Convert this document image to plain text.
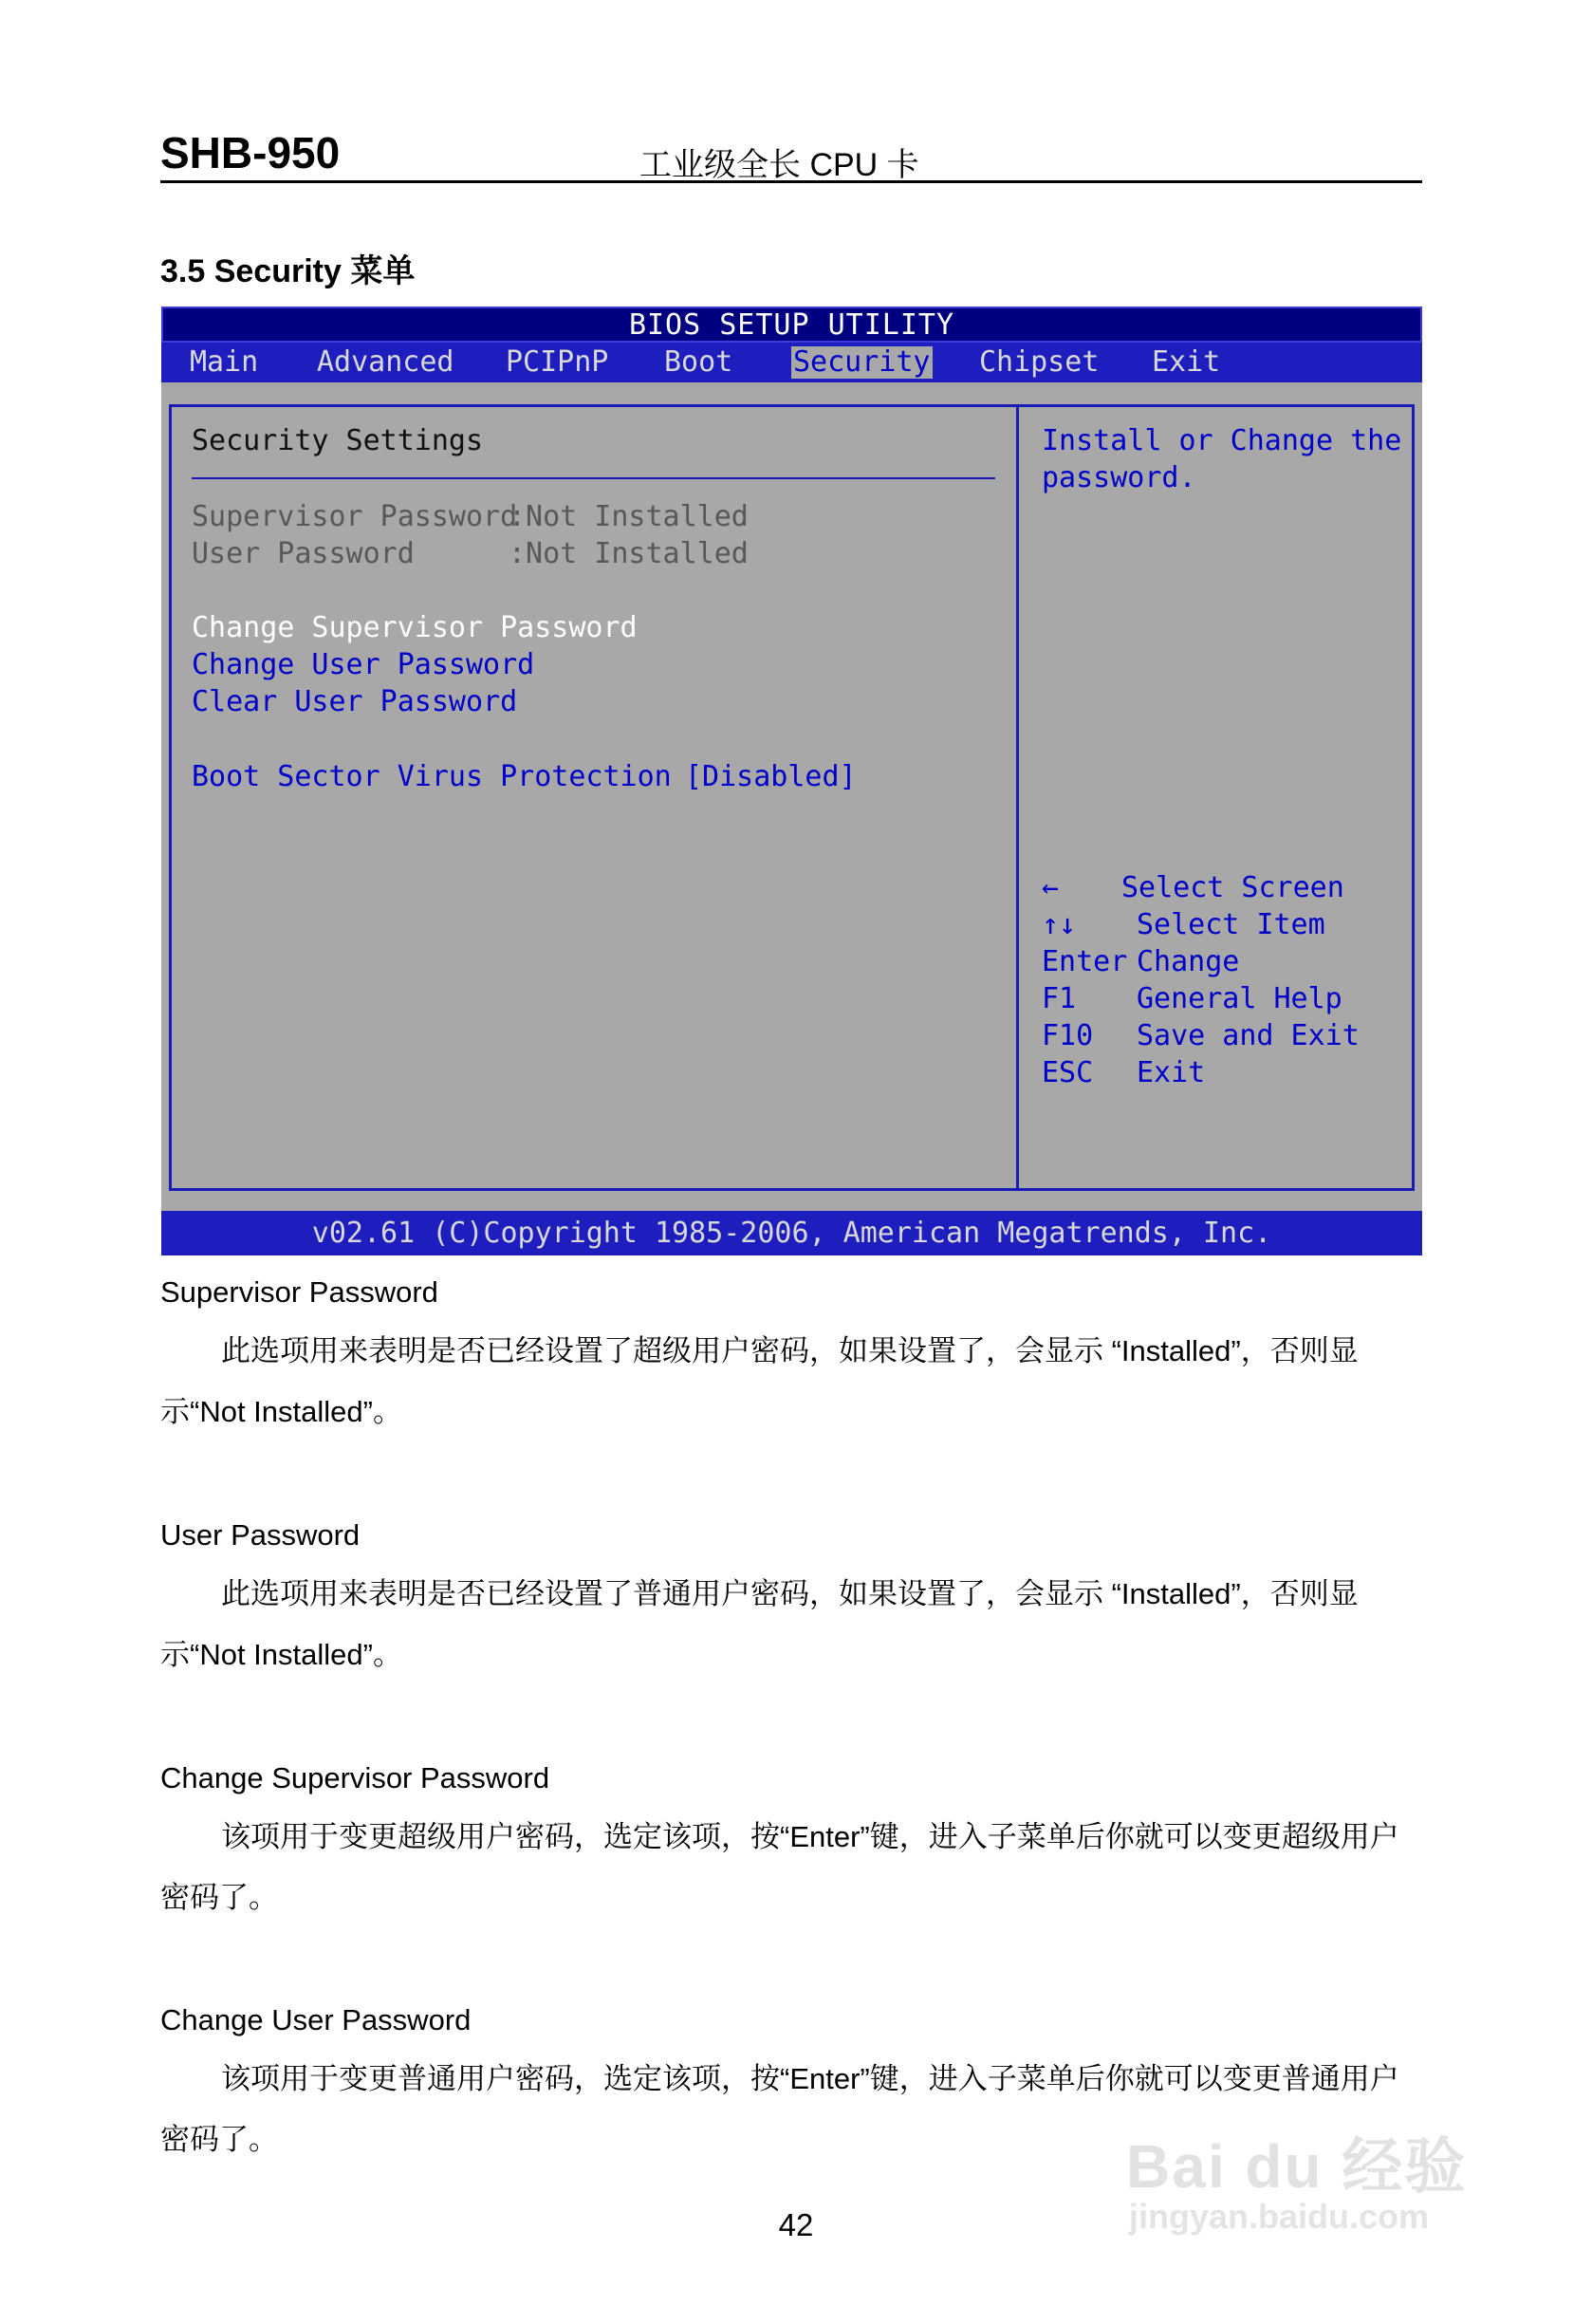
SHB-950	工业级全长 CPU 卡
3.5 Security 菜单
BIOS SETUP UTILITY
Main Advanced PCIPnP Boot Security Chipset Exit
Security Settings
Supervisor Password
:Not Installed
User Password	:Not Installed
Change Supervisor Password
Change User Password
Clear User Password
Boot Sector Virus Protection [Disabled]
Install or Change the
password.
← Select Screen
↑↓ Select Item
Enter Change
F1 General Help
F10 Save and Exit
ESC Exit
v02.61 (C)Copyright 1985-2006, American Megatrends, Inc.
Supervisor Password
此选项用来表明是否已经设置了超级用户密码，如果设置了，会显示 “Installed”，否则显示“Not Installed”。
User Password
此选项用来表明是否已经设置了普通用户密码，如果设置了，会显示 “Installed”，否则显示“Not Installed”。
Change Supervisor Password
该项用于变更超级用户密码，选定该项，按“Enter”键，进入子菜单后你就可以变更超级用户密码了。
Change User Password
该项用于变更普通用户密码，选定该项，按“Enter”键，进入子菜单后你就可以变更普通用户密码了。
42
Bai du 经验
jingyan.baidu.com
